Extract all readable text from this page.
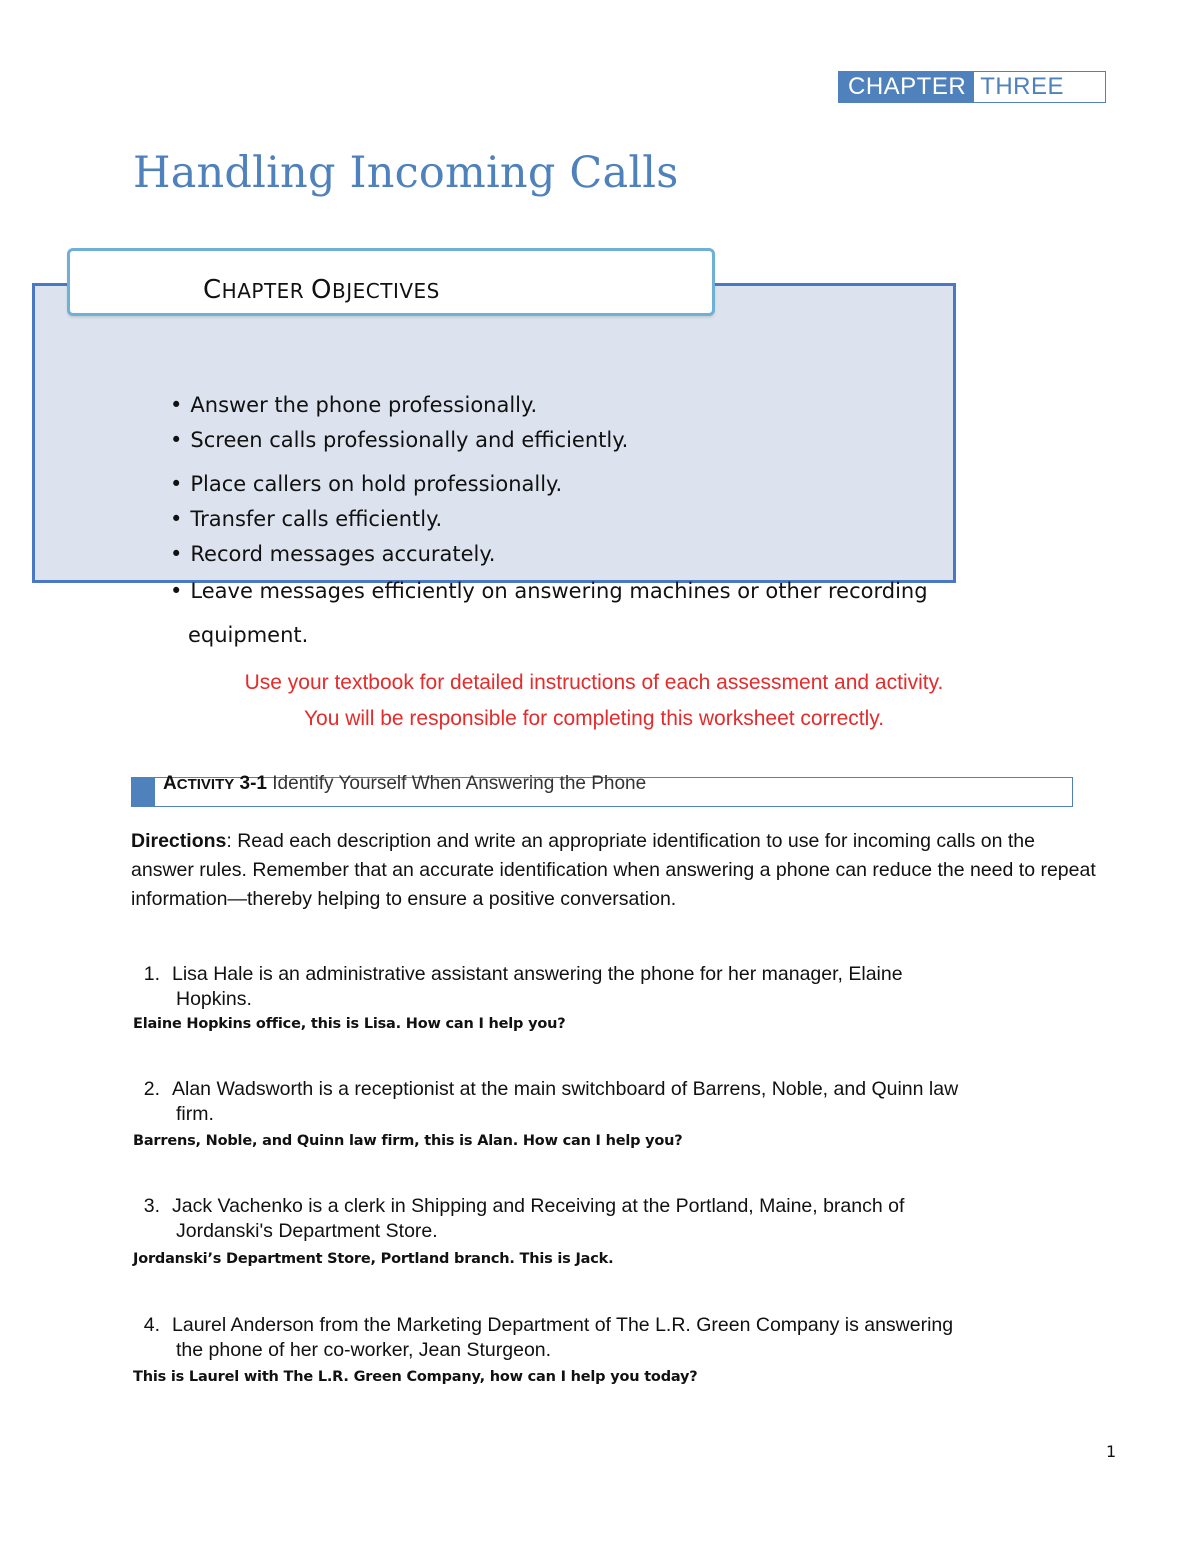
CHAPTER THREE
Handling Incoming Calls
CHAPTER OBJECTIVES
• Answer the phone professionally.
• Screen calls professionally and efficiently.
• Place callers on hold professionally.
• Transfer calls efficiently.
• Record messages accurately.
• Leave messages efficiently on answering machines or other recording
equipment.
Use your textbook for detailed instructions of each assessment and activity.
You will be responsible for completing this worksheet correctly.
ACTIVITY 3-1 Identify Yourself When Answering the Phone

Directions: Read each description and write an appropriate identification to use for incoming calls on the answer rules. Remember that an accurate identification when answering a phone can reduce the need to repeat information—thereby helping to ensure a positive conversation.

1. Lisa Hale is an administrative assistant answering the phone for her manager, Elaine
Hopkins.
Elaine Hopkins office, this is Lisa. How can I help you?
2. Alan Wadsworth is a receptionist at the main switchboard of Barrens, Noble, and Quinn law
firm.
Barrens, Noble, and Quinn law firm, this is Alan. How can I help you?
3. Jack Vachenko is a clerk in Shipping and Receiving at the Portland, Maine, branch of
Jordanski's Department Store.
Jordanski’s Department Store, Portland branch. This is Jack.
4. Laurel Anderson from the Marketing Department of The L.R. Green Company is answering
the phone of her co-worker, Jean Sturgeon.
This is Laurel with The L.R. Green Company, how can I help you today?
1
